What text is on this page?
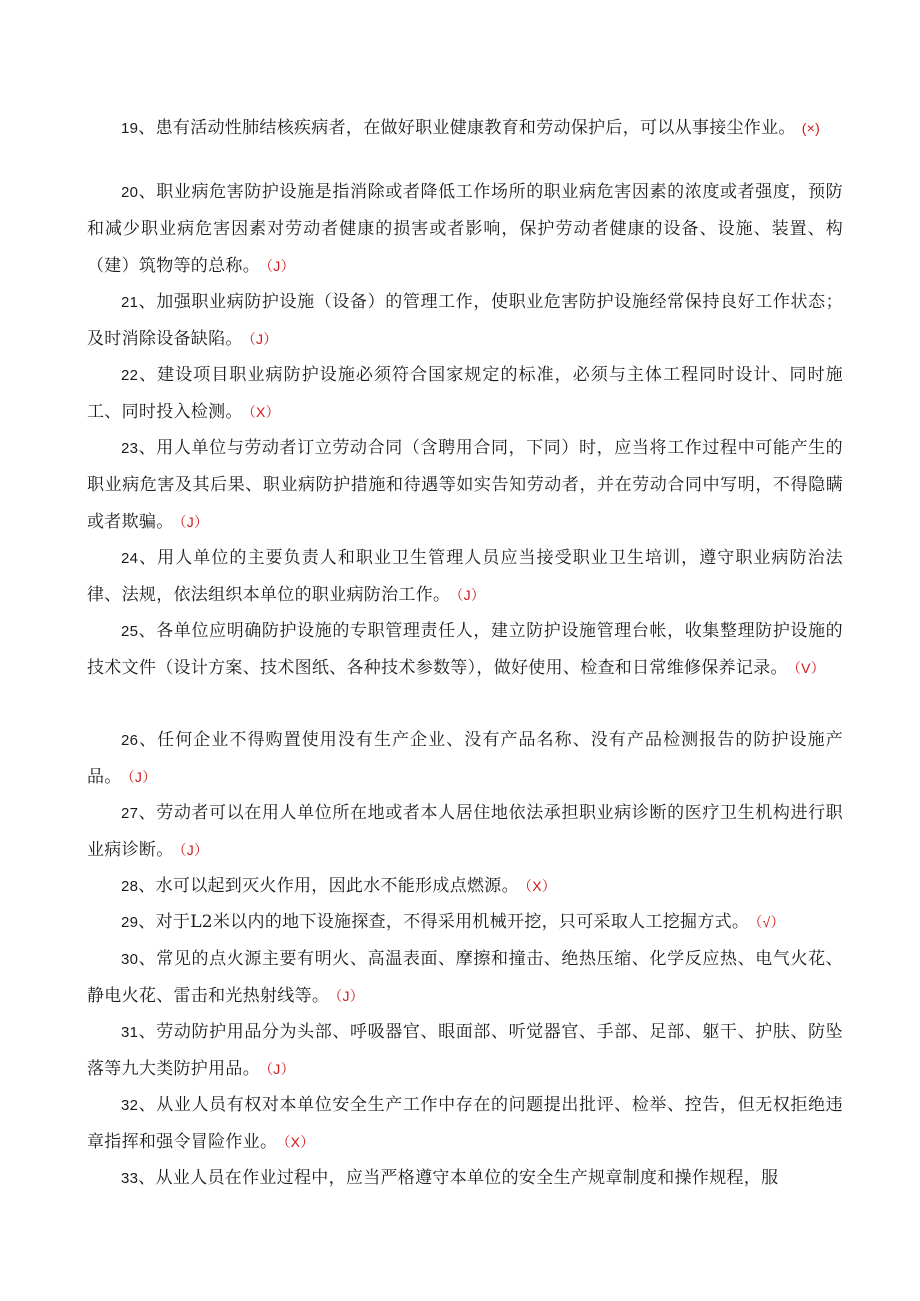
19、患有活动性肺结核疾病者，在做好职业健康教育和劳动保护后，可以从事接尘作业。 (×)

20、职业病危害防护设施是指消除或者降低工作场所的职业病危害因素的浓度或者强度，预防和减少职业病危害因素对劳动者健康的损害或者影响，保护劳动者健康的设备、设施、装置、构（建）筑物等的总称。 （J）

21、加强职业病防护设施（设备）的管理工作，使职业危害防护设施经常保持良好工作状态；及时消除设备缺陷。 （J）

22、建设项目职业病防护设施必须符合国家规定的标准，必须与主体工程同时设计、同时施工、同时投入检测。 （X）

23、用人单位与劳动者订立劳动合同（含聘用合同，下同）时，应当将工作过程中可能产生的职业病危害及其后果、职业病防护措施和待遇等如实告知劳动者，并在劳动合同中写明，不得隐瞒或者欺骗。 （J）

24、用人单位的主要负责人和职业卫生管理人员应当接受职业卫生培训，遵守职业病防治法律、法规，依法组织本单位的职业病防治工作。 （J）

25、各单位应明确防护设施的专职管理责任人，建立防护设施管理台帐，收集整理防护设施的技术文件（设计方案、技术图纸、各种技术参数等），做好使用、检查和日常维修保养记录。 （V）

26、任何企业不得购置使用没有生产企业、没有产品名称、没有产品检测报告的防护设施产品。 （J）

27、劳动者可以在用人单位所在地或者本人居住地依法承担职业病诊断的医疗卫生机构进行职业病诊断。 （J）

28、水可以起到灭火作用，因此水不能形成点燃源。 （X）

29、对于L2米以内的地下设施探查，不得采用机械开挖，只可采取人工挖掘方式。 （√）

30、常见的点火源主要有明火、高温表面、摩擦和撞击、绝热压缩、化学反应热、电气火花、静电火花、雷击和光热射线等。 （J）

31、劳动防护用品分为头部、呼吸器官、眼面部、听觉器官、手部、足部、躯干、护肤、防坠落等九大类防护用品。 （J）

32、从业人员有权对本单位安全生产工作中存在的问题提出批评、检举、控告，但无权拒绝违章指挥和强令冒险作业。 （X）

33、从业人员在作业过程中，应当严格遵守本单位的安全生产规章制度和操作规程，服
